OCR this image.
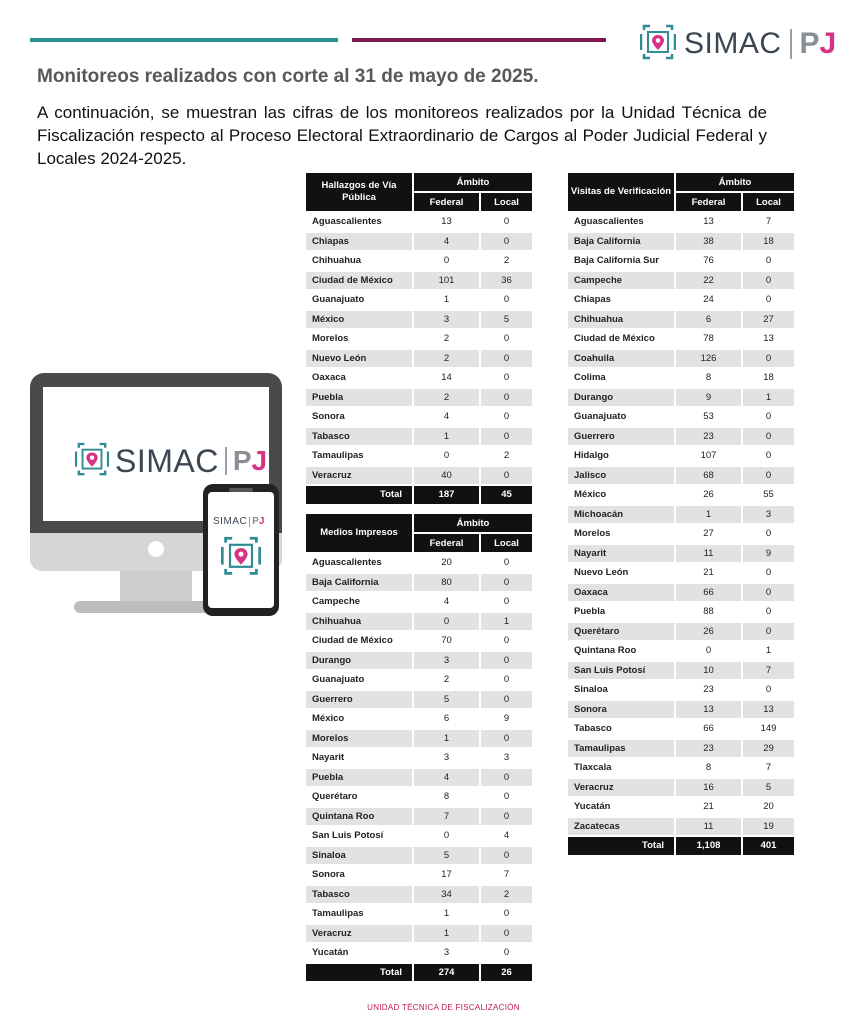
SIMAC PJ
Monitoreos realizados con corte al 31 de mayo de 2025.

A continuación, se muestran las cifras de los monitoreos realizados por la Unidad Técnica de Fiscalización respecto al Proceso Electoral Extraordinario de Cargos al Poder Judicial Federal y Locales 2024-2025.

SIMAC PJ
SIMAC PJ
Hallazgos de Vía Pública	Ámbito	
	Federal	Local
Aguascalientes	13	0
Chiapas	4	0
Chihuahua	0	2
Ciudad de México	101	36
Guanajuato	1	0
México	3	5
Morelos	2	0
Nuevo León	2	0
Oaxaca	14	0
Puebla	2	0
Sonora	4	0
Tabasco	1	0
Tamaulipas	0	2
Veracruz	40	0
Total	187	45
Medios Impresos	Ámbito	
	Federal	Local
Aguascalientes	20	0
Baja California	80	0
Campeche	4	0
Chihuahua	0	1
Ciudad de México	70	0
Durango	3	0
Guanajuato	2	0
Guerrero	5	0
México	6	9
Morelos	1	0
Nayarit	3	3
Puebla	4	0
Querétaro	8	0
Quintana Roo	7	0
San Luis Potosí	0	4
Sinaloa	5	0
Sonora	17	7
Tabasco	34	2
Tamaulipas	1	0
Veracruz	1	0
Yucatán	3	0
Total	274	26
Visitas de Verificación	Ámbito	
	Federal	Local
Aguascalientes	13	7
Baja California	38	18
Baja California Sur	76	0
Campeche	22	0
Chiapas	24	0
Chihuahua	6	27
Ciudad de México	78	13
Coahuila	126	0
Colima	8	18
Durango	9	1
Guanajuato	53	0
Guerrero	23	0
Hidalgo	107	0
Jalisco	68	0
México	26	55
Michoacán	1	3
Morelos	27	0
Nayarit	11	9
Nuevo León	21	0
Oaxaca	66	0
Puebla	88	0
Querétaro	26	0
Quintana Roo	0	1
San Luis Potosí	10	7
Sinaloa	23	0
Sonora	13	13
Tabasco	66	149
Tamaulipas	23	29
Tlaxcala	8	7
Veracruz	16	5
Yucatán	21	20
Zacatecas	11	19
Total	1,108	401
UNIDAD TÉCNICA DE FISCALIZACIÓN
